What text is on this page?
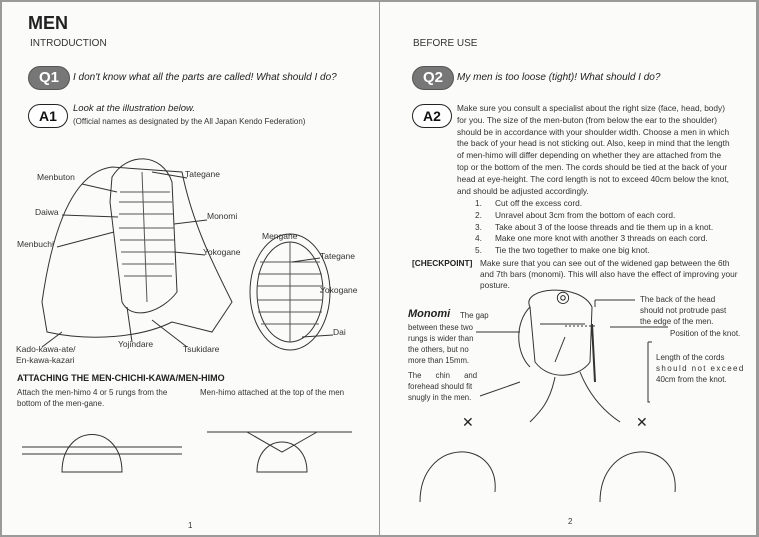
MEN
INTRODUCTION
Q1	I don't know what all the parts are called! What should I do?
A1	Look at the illustration below.
(Official names as designated by the All Japan Kendo Federation)
Menbuton
Daiwa
Menbuchi
Tategane
Monomi
Yokogane
Mengane
Tategane
Yokogane
Dai
Kado-kawa-ate/
En-kawa-kazari
Yojindare	Tsukidare
ATTACHING THE MEN-CHICHI-KAWA/MEN-HIMO
Attach the men-himo 4 or 5 rungs from the
bottom of the men-gane.
Men-himo attached at the top of the men
1
BEFORE USE
Q2	My men is too loose (tight)! What should I do?
A2	Make sure you consult a specialist about the right size (face, head, body)
for you. The size of the men-buton (from below the ear to the shoulder)
should be in accordance with your shoulder width. Choose a men in which
the back of your head is not sticking out. Also, keep in mind that the length
of men-himo will differ depending on whether they are attached from the
top or the bottom of the men. The cords should be tied at the back of your
head at eye-height. The cord length is not to exceed 40cm below the knot,
and should be adjusted accordingly.
1. Cut off the excess cord.
2. Unravel about 3cm from the bottom of each cord.
3. Take about 3 of the loose threads and tie them up in a knot.
4. Make one more knot with another 3 threads on each cord.
5. Tie the two together to make one big knot.
[CHECKPOINT] Make sure that you can see out of the widened gap between the 6th
and 7th bars (monomi). This will also have the effect of improving your
posture.
◎
✕	✕
The back of the head
should not protrude past
the edge of the men.
Position of the knot.
Length of the cords
should not exceed
40cm from the knot.
Monomi The gap
between these two
rungs is wider than
the others, but no
more than 15mm.
The chin and
forehead should fit
snugly in the men.
2
